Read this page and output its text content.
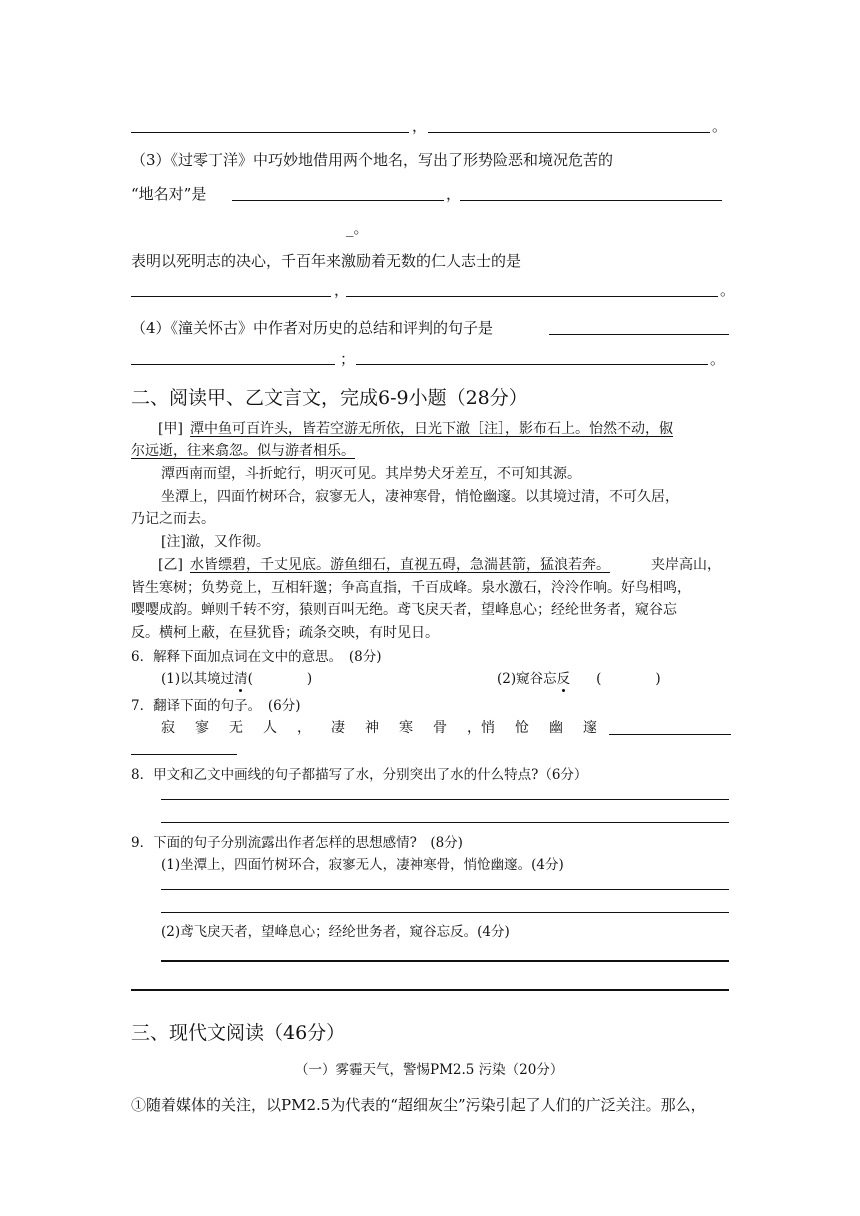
，	。
（3）《过零丁洋》中巧妙地借用两个地名，写出了形势险恶和境况危苦的
“地名对”是	，
_。
表明以死明志的决心，千百年来激励着无数的仁人志士的是
，	。
（4）《潼关怀古》中作者对历史的总结和评判的句子是
；	。
二、阅读甲、乙文言文，完成6-9小题（28分）
[甲] 潭中鱼可百许头，皆若空游无所依，日光下澈［注］，影布石上。怡然不动，俶
尔远逝，往来翕忽。似与游者相乐。
潭西南而望，斗折蛇行，明灭可见。其岸势犬牙差互，不可知其源。
坐潭上，四面竹树环合，寂寥无人，凄神寒骨，悄怆幽邃。以其境过清，不可久居，
乃记之而去。
[注]澈，又作彻。
[乙] 水皆缥碧，千丈见底。游鱼细石，直视五碍，急湍甚箭，猛浪若奔。	夹岸高山，
皆生寒树；负势竞上，互相轩邈；争高直指，千百成峰。泉水激石，泠泠作响。好鸟相鸣，
嘤嘤成韵。蝉则千转不穷，猿则百叫无绝。鸢飞戾天者，望峰息心；经纶世务者，窥谷忘
反。横柯上蔽，在昼犹昏；疏条交映，有时见日。
6．解释下面加点词在文中的意思。　(8分)
(1)以其境过清(　　　　)	(2)窥谷忘反 (　　　　)
7．翻译下面的句子。　(6分)
寂 寥 无 人 ， 凄 神 寒 骨 ， 悄 怆 幽 邃
8．甲文和乙文中画线的句子都描写了水，分别突出了水的什么特点?（6分）
9．下面的句子分别流露出作者怎样的思想感情?　(8分)
(1)坐潭上，四面竹树环合，寂寥无人，凄神寒骨，悄怆幽邃。(4分)
(2)鸢飞戾天者，望峰息心；经纶世务者，窥谷忘反。(4分)
三、现代文阅读（46分）
（一）雾霾天气，警惕PM2.5 污染（20分）
①随着媒体的关注，以PM2.5为代表的“超细灰尘”污染引起了人们的广泛关注。那么，
